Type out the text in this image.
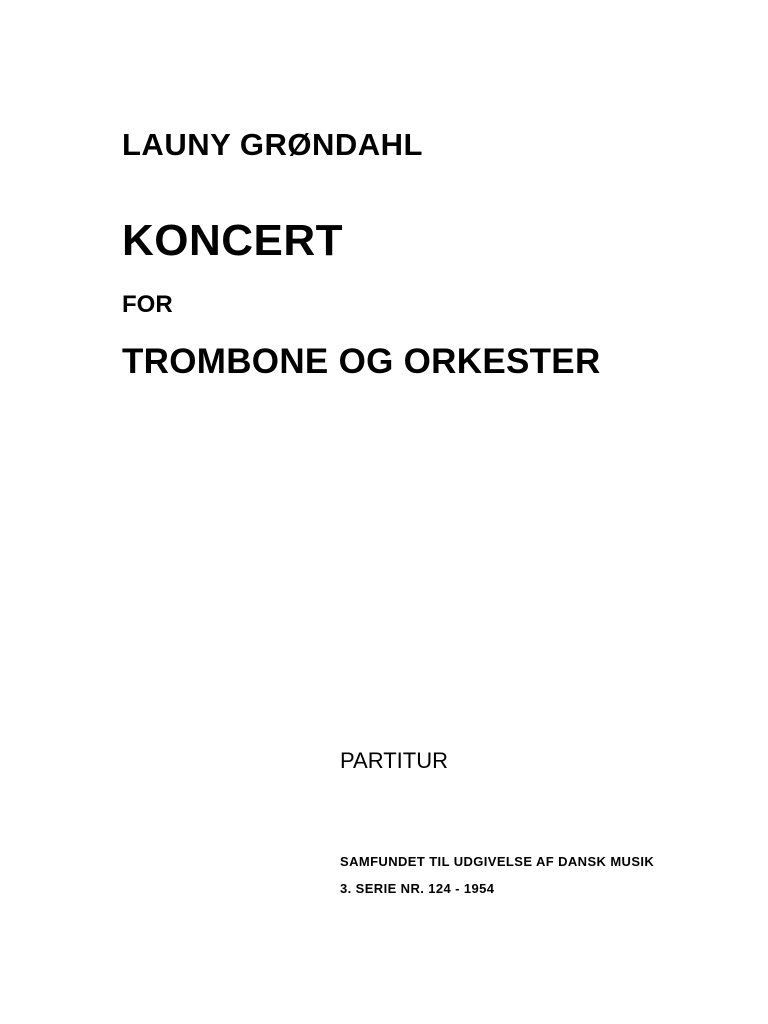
LAUNY GRØNDAHL
KONCERT
FOR
TROMBONE OG ORKESTER
PARTITUR
SAMFUNDET TIL UDGIVELSE AF DANSK MUSIK
3. SERIE NR. 124 - 1954
